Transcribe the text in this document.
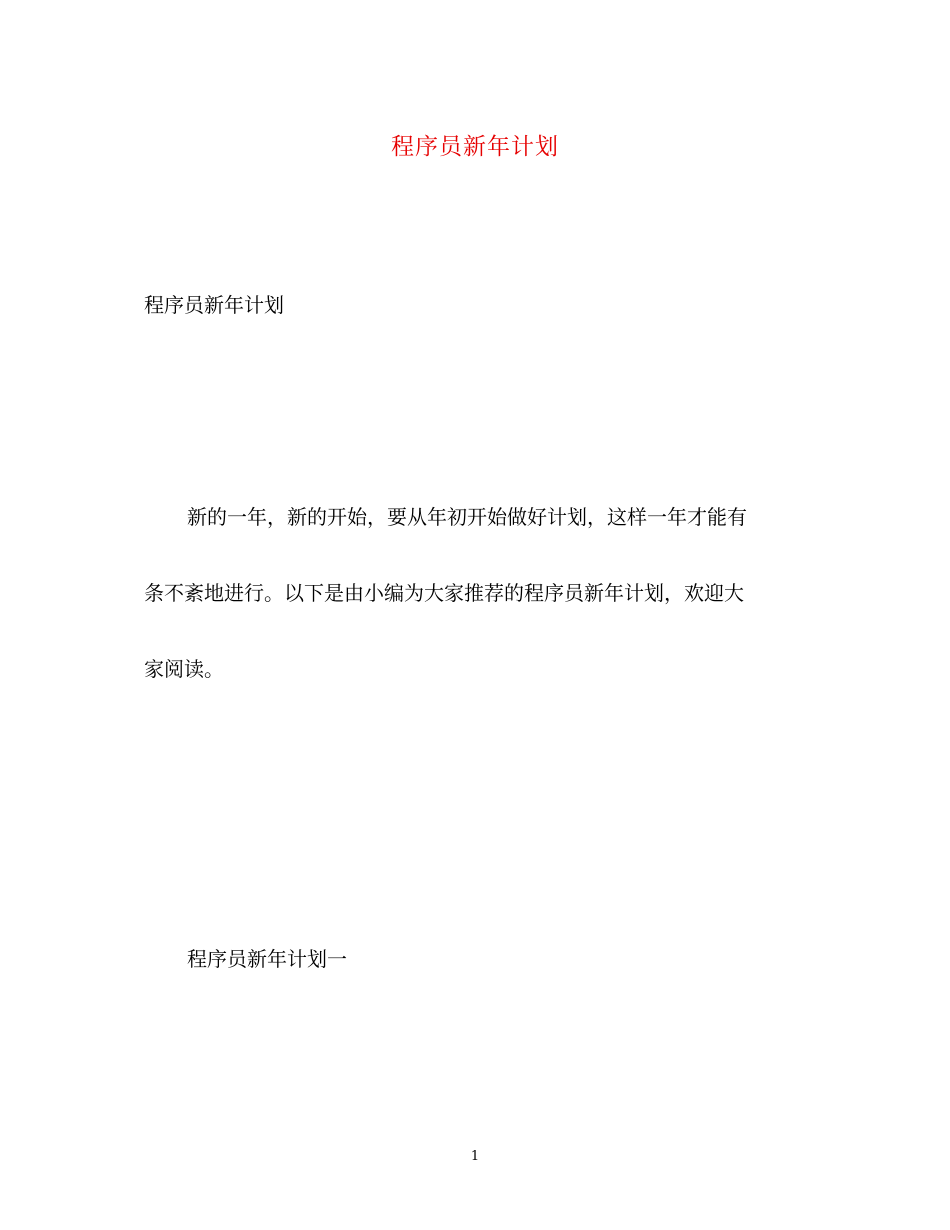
程序员新年计划

程序员新年计划

新的一年，新的开始，要从年初开始做好计划，这样一年才能有
条不紊地进行。以下是由小编为大家推荐的程序员新年计划，欢迎大
家阅读。
程序员新年计划一
1
